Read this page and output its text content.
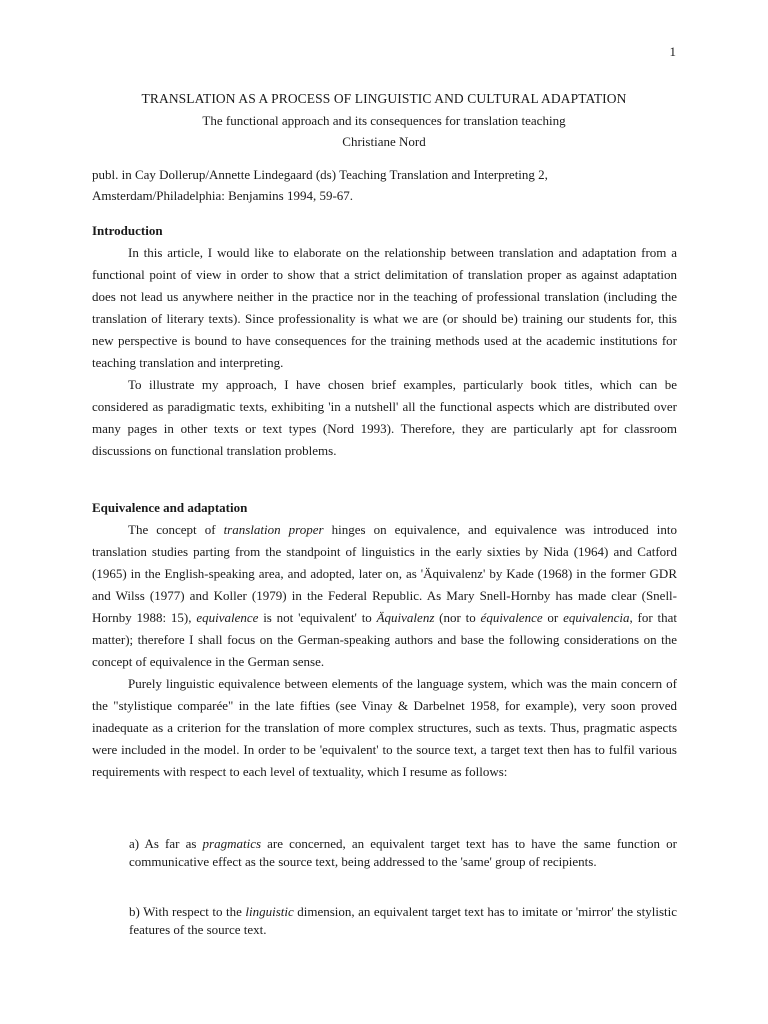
1
TRANSLATION AS A PROCESS OF LINGUISTIC AND CULTURAL ADAPTATION
The functional approach and its consequences for translation teaching
Christiane Nord
publ. in Cay Dollerup/Annette Lindegaard (ds) Teaching Translation and Interpreting 2, Amsterdam/Philadelphia: Benjamins 1994, 59-67.
Introduction

In this article, I would like to elaborate on the relationship between translation and adaptation from a functional point of view in order to show that a strict delimitation of translation proper as against adaptation does not lead us anywhere neither in the practice nor in the teaching of professional translation (including the translation of literary texts). Since professionality is what we are (or should be) training our students for, this new perspective is bound to have consequences for the training methods used at the academic institutions for teaching translation and interpreting.

To illustrate my approach, I have chosen brief examples, particularly book titles, which can be considered as paradigmatic texts, exhibiting 'in a nutshell' all the functional aspects which are distributed over many pages in other texts or text types (Nord 1993). Therefore, they are particularly apt for classroom discussions on functional translation problems.

Equivalence and adaptation

The concept of translation proper hinges on equivalence, and equivalence was introduced into translation studies parting from the standpoint of linguistics in the early sixties by Nida (1964) and Catford (1965) in the English-speaking area, and adopted, later on, as 'Äquivalenz' by Kade (1968) in the former GDR and Wilss (1977) and Koller (1979) in the Federal Republic. As Mary Snell-Hornby has made clear (Snell-Hornby 1988: 15), equivalence is not 'equivalent' to Äquivalenz (nor to équivalence or equivalencia, for that matter); therefore I shall focus on the German-speaking authors and base the following considerations on the concept of equivalence in the German sense.

Purely linguistic equivalence between elements of the language system, which was the main concern of the "stylistique comparée" in the late fifties (see Vinay & Darbelnet 1958, for example), very soon proved inadequate as a criterion for the translation of more complex structures, such as texts. Thus, pragmatic aspects were included in the model. In order to be 'equivalent' to the source text, a target text then has to fulfil various requirements with respect to each level of textuality, which I resume as follows:

a) As far as pragmatics are concerned, an equivalent target text has to have the same function or communicative effect as the source text, being addressed to the 'same' group of recipients.

b) With respect to the linguistic dimension, an equivalent target text has to imitate or 'mirror' the stylistic features of the source text.
